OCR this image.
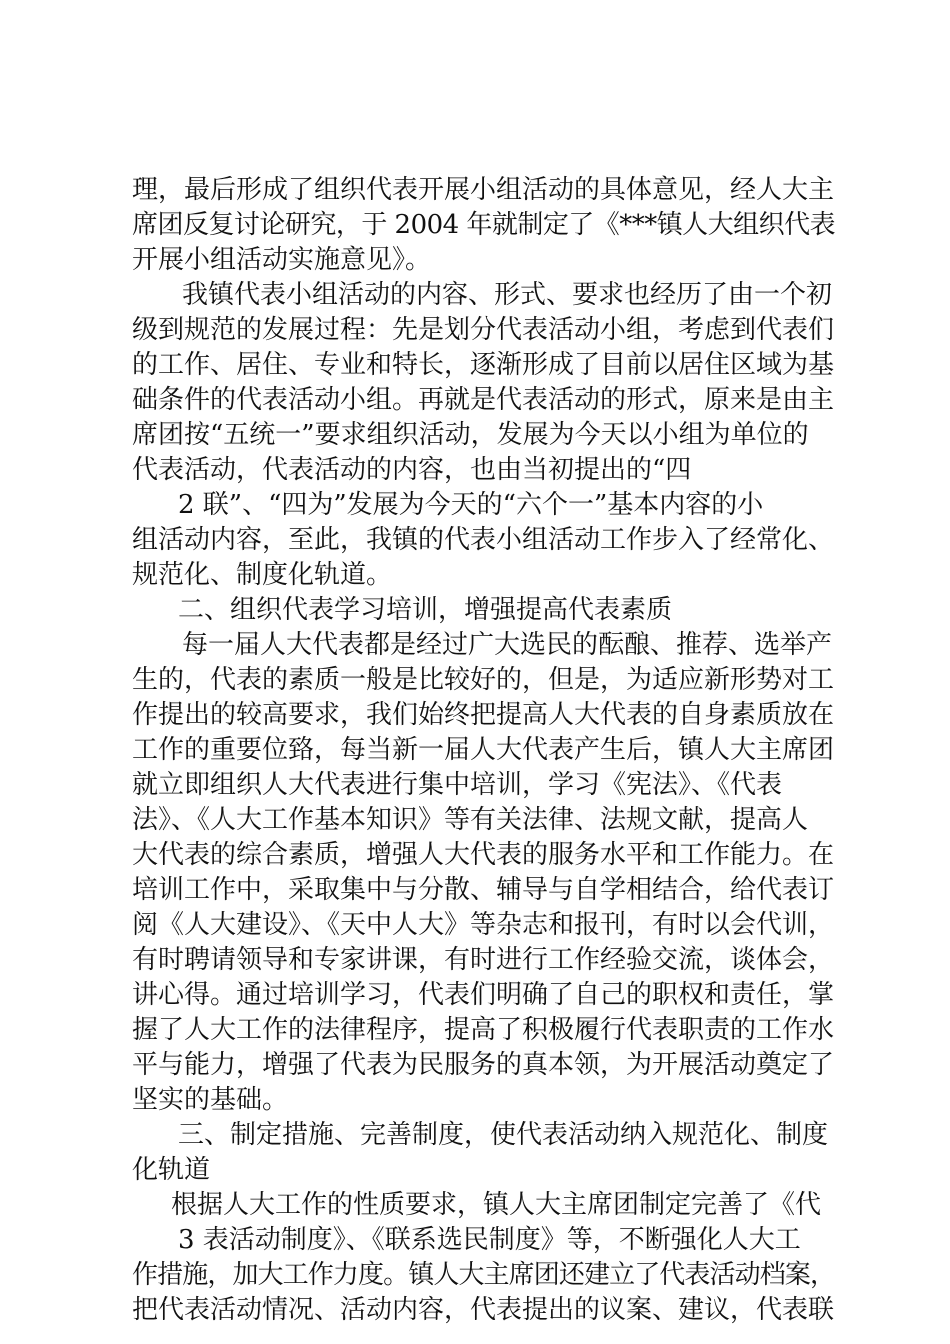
理，最后形成了组织代表开展小组活动的具体意见，经人大主
席团反复讨论研究，于 2004 年就制定了《***镇人大组织代表
开展小组活动实施意见》。
我镇代表小组活动的内容、形式、要求也经历了由一个初
级到规范的发展过程：先是划分代表活动小组，考虑到代表们
的工作、居住、专业和特长，逐渐形成了目前以居住区域为基
础条件的代表活动小组。再就是代表活动的形式，原来是由主
席团按“五统一”要求组织活动，发展为今天以小组为单位的
代表活动，代表活动的内容，也由当初提出的“四
2 联”、“四为”发展为今天的“六个一”基本内容的小
组活动内容，至此，我镇的代表小组活动工作步入了经常化、
规范化、制度化轨道。
二、组织代表学习培训，增强提高代表素质
每一届人大代表都是经过广大选民的酝酿、推荐、选举产
生的，代表的素质一般是比较好的，但是，为适应新形势对工
作提出的较高要求，我们始终把提高人大代表的自身素质放在
工作的重要位臵，每当新一届人大代表产生后，镇人大主席团
就立即组织人大代表进行集中培训，学习《宪法》、《代表
法》、《人大工作基本知识》等有关法律、法规文献，提高人
大代表的综合素质，增强人大代表的服务水平和工作能力。在
培训工作中，采取集中与分散、辅导与自学相结合，给代表订
阅《人大建设》、《天中人大》等杂志和报刊，有时以会代训，
有时聘请领导和专家讲课，有时进行工作经验交流，谈体会，
讲心得。通过培训学习，代表们明确了自己的职权和责任，掌
握了人大工作的法律程序，提高了积极履行代表职责的工作水
平与能力，增强了代表为民服务的真本领，为开展活动奠定了
坚实的基础。
三、制定措施、完善制度，使代表活动纳入规范化、制度
化轨道
根据人大工作的性质要求，镇人大主席团制定完善了《代
3 表活动制度》、《联系选民制度》等，不断强化人大工
作措施，加大工作力度。镇人大主席团还建立了代表活动档案，
把代表活动情况、活动内容，代表提出的议案、建议，代表联
